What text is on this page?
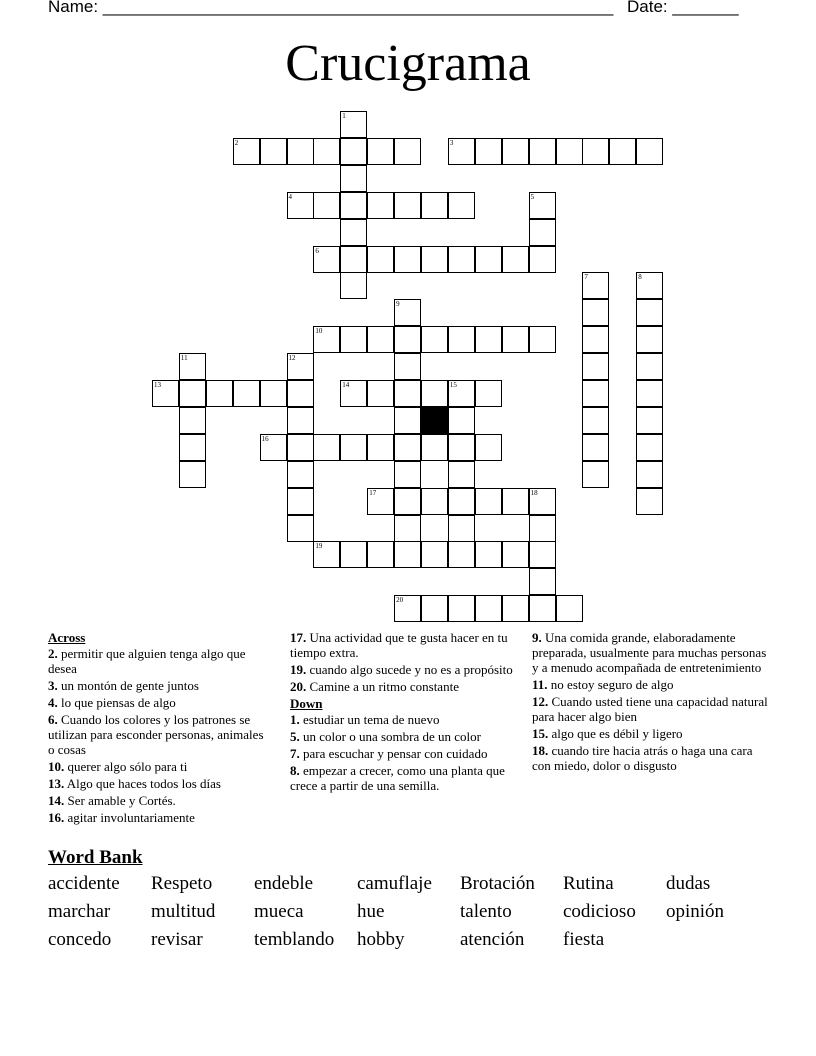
Name: ______________________________________________________ Date: _______
Crucigrama
2	3
4
6
10
13	14	15
16
17
19
20
1
5
7	8
9
11	12
18
Across
2. permitir que alguien tenga algo que desea
3. un montón de gente juntos
4. lo que piensas de algo
6. Cuando los colores y los patrones se utilizan para esconder personas, animales o cosas
10. querer algo sólo para ti
13. Algo que haces todos los días
14. Ser amable y Cortés.
16. agitar involuntariamente
17. Una actividad que te gusta hacer en tu tiempo extra.
19. cuando algo sucede y no es a propósito
20. Camine a un ritmo constante
Down
1. estudiar un tema de nuevo
5. un color o una sombra de un color
7. para escuchar y pensar con cuidado
8. empezar a crecer, como una planta que crece a partir de una semilla.
9. Una comida grande, elaboradamente preparada, usualmente para muchas personas y a menudo acompañada de entretenimiento
11. no estoy seguro de algo
12. Cuando usted tiene una capacidad natural para hacer algo bien
15. algo que es débil y ligero
18. cuando tire hacia atrás o haga una cara con miedo, dolor o disgusto
Word Bank
accidente Respeto endeble camuflaje Brotación Rutina	dudas
marchar multitud mueca	hue	talento	codicioso opinión
concedo revisar	temblando hobby	atención fiesta
